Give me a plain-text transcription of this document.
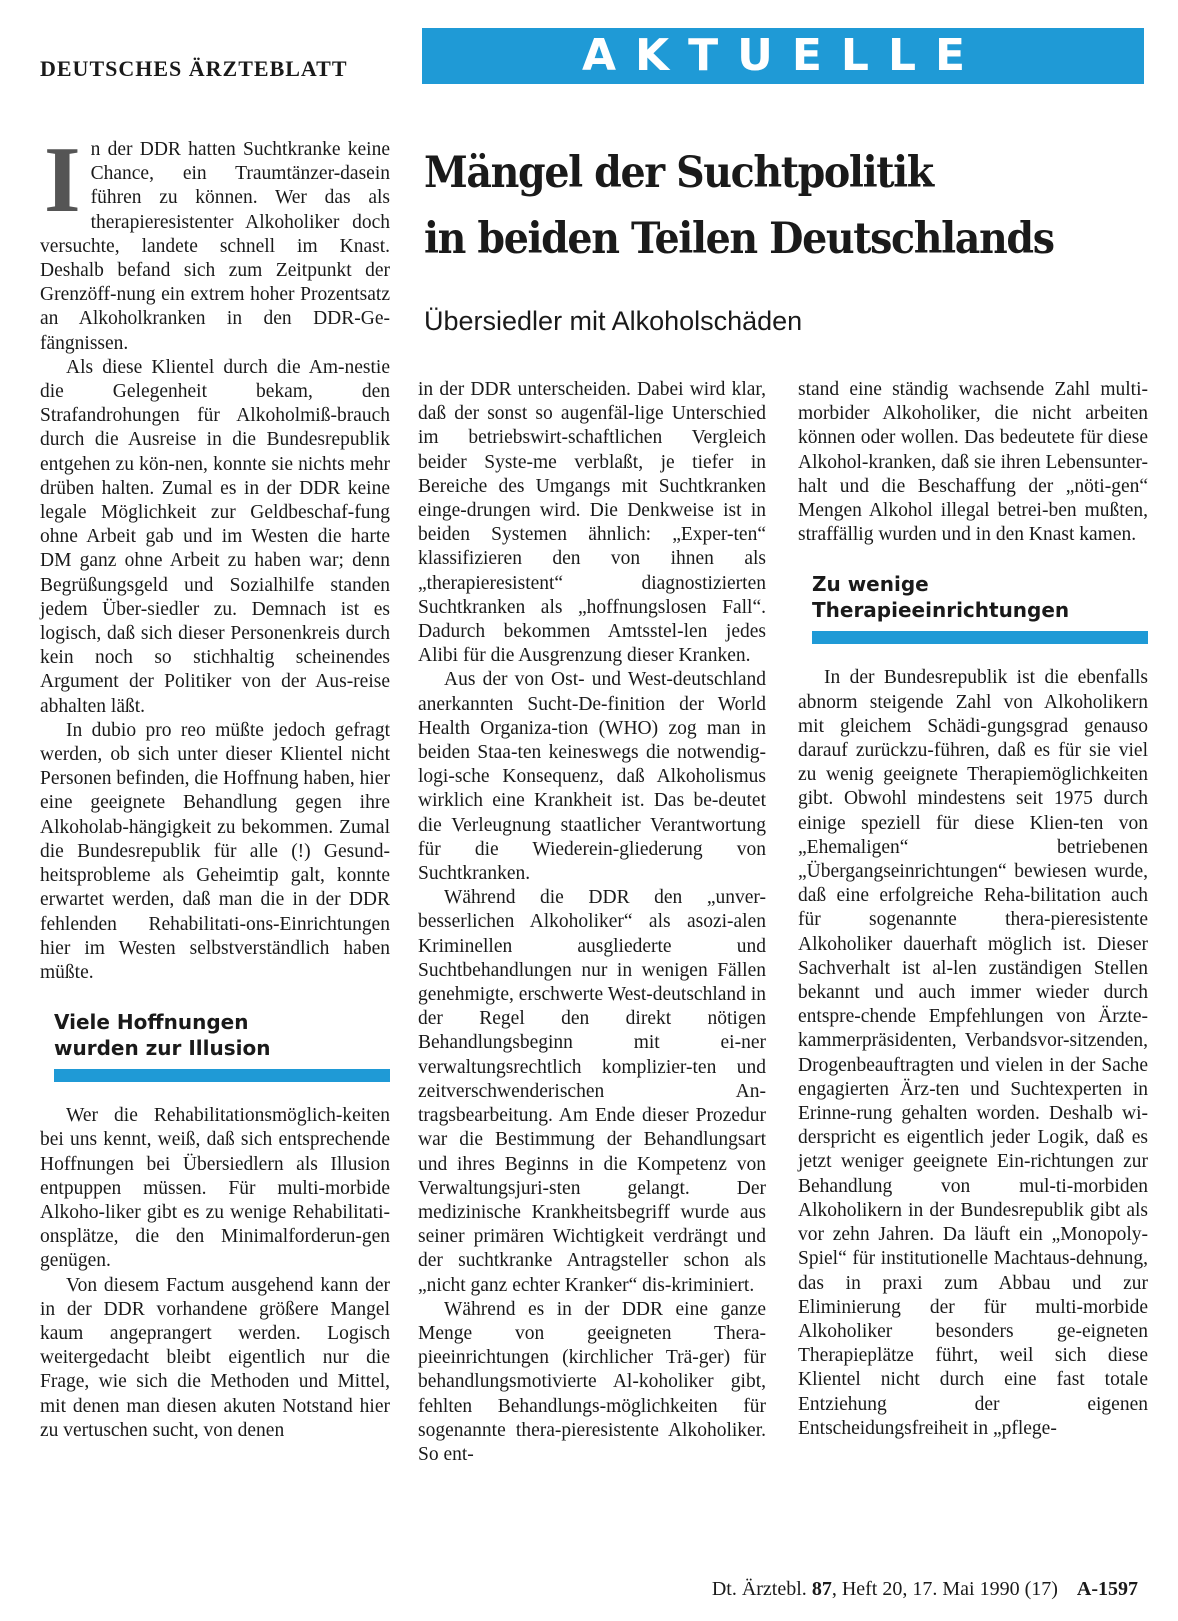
DEUTSCHES ÄRZTEBLATT	AKTUELLE POLITIK
Mängel der Suchtpolitik
in beiden Teilen Deutschlands
Übersiedler mit Alkoholschäden

In der DDR hatten Suchtkranke keine Chance, ein Traumtänzer-dasein führen zu können. Wer das als therapieresistenter Alkoholiker doch versuchte, landete schnell im Knast. Deshalb befand sich zum Zeitpunkt der Grenzöff-nung ein extrem hoher Prozentsatz an Alkoholkranken in den DDR-Ge-fängnissen.

Als diese Klientel durch die Am-nestie die Gelegenheit bekam, den Strafandrohungen für Alkoholmiß-brauch durch die Ausreise in die Bundesrepublik entgehen zu kön-nen, konnte sie nichts mehr drüben halten. Zumal es in der DDR keine legale Möglichkeit zur Geldbeschaf-fung ohne Arbeit gab und im Westen die harte DM ganz ohne Arbeit zu haben war; denn Begrüßungsgeld und Sozialhilfe standen jedem Über-siedler zu. Demnach ist es logisch, daß sich dieser Personenkreis durch kein noch so stichhaltig scheinendes Argument der Politiker von der Aus-reise abhalten läßt.

In dubio pro reo müßte jedoch gefragt werden, ob sich unter dieser Klientel nicht Personen befinden, die Hoffnung haben, hier eine geeignete Behandlung gegen ihre Alkoholab-hängigkeit zu bekommen. Zumal die Bundesrepublik für alle (!) Gesund-heitsprobleme als Geheimtip galt, konnte erwartet werden, daß man die in der DDR fehlenden Rehabilitati-ons-Einrichtungen hier im Westen selbstverständlich haben müßte.

Viele Hoffnungen
wurden zur Illusion

Wer die Rehabilitationsmöglich-keiten bei uns kennt, weiß, daß sich entsprechende Hoffnungen bei Übersiedlern als Illusion entpuppen müssen. Für multi-morbide Alkoho-liker gibt es zu wenige Rehabilitati-onsplätze, die den Minimalforderun-gen genügen.

Von diesem Factum ausgehend kann der in der DDR vorhandene größere Mangel kaum angeprangert werden. Logisch weitergedacht bleibt eigentlich nur die Frage, wie sich die Methoden und Mittel, mit denen man diesen akuten Notstand hier zu vertuschen sucht, von denen

in der DDR unterscheiden. Dabei wird klar, daß der sonst so augenfäl-lige Unterschied im betriebswirt-schaftlichen Vergleich beider Syste-me verblaßt, je tiefer in Bereiche des Umgangs mit Suchtkranken einge-drungen wird. Die Denkweise ist in beiden Systemen ähnlich: „Exper-ten“ klassifizieren den von ihnen als „therapieresistent“ diagnostizierten Suchtkranken als „hoffnungslosen Fall“. Dadurch bekommen Amtsstel-len jedes Alibi für die Ausgrenzung dieser Kranken.

Aus der von Ost- und West-deutschland anerkannten Sucht-De-finition der World Health Organiza-tion (WHO) zog man in beiden Staa-ten keineswegs die notwendig-logi-sche Konsequenz, daß Alkoholismus wirklich eine Krankheit ist. Das be-deutet die Verleugnung staatlicher Verantwortung für die Wiederein-gliederung von Suchtkranken.

Während die DDR den „unver-besserlichen Alkoholiker“ als asozi-alen Kriminellen ausgliederte und Suchtbehandlungen nur in wenigen Fällen genehmigte, erschwerte West-deutschland in der Regel den direkt nötigen Behandlungsbeginn mit ei-ner verwaltungsrechtlich komplizier-ten und zeitverschwenderischen An-tragsbearbeitung. Am Ende dieser Prozedur war die Bestimmung der Behandlungsart und ihres Beginns in die Kompetenz von Verwaltungsjuri-sten gelangt. Der medizinische Krankheitsbegriff wurde aus seiner primären Wichtigkeit verdrängt und der suchtkranke Antragsteller schon als „nicht ganz echter Kranker“ dis-kriminiert.

Während es in der DDR eine ganze Menge von geeigneten Thera-pieeinrichtungen (kirchlicher Trä-ger) für behandlungsmotivierte Al-koholiker gibt, fehlten Behandlungs-möglichkeiten für sogenannte thera-pieresistente Alkoholiker. So ent-

stand eine ständig wachsende Zahl multi-morbider Alkoholiker, die nicht arbeiten können oder wollen. Das bedeutete für diese Alkohol-kranken, daß sie ihren Lebensunter-halt und die Beschaffung der „nöti-gen“ Mengen Alkohol illegal betrei-ben mußten, straffällig wurden und in den Knast kamen.

Zu wenige
Therapieeinrichtungen

In der Bundesrepublik ist die ebenfalls abnorm steigende Zahl von Alkoholikern mit gleichem Schädi-gungsgrad genauso darauf zurückzu-führen, daß es für sie viel zu wenig geeignete Therapiemöglichkeiten gibt. Obwohl mindestens seit 1975 durch einige speziell für diese Klien-ten von „Ehemaligen“ betriebenen „Übergangseinrichtungen“ bewiesen wurde, daß eine erfolgreiche Reha-bilitation auch für sogenannte thera-pieresistente Alkoholiker dauerhaft möglich ist. Dieser Sachverhalt ist al-len zuständigen Stellen bekannt und auch immer wieder durch entspre-chende Empfehlungen von Ärzte-kammerpräsidenten, Verbandsvor-sitzenden, Drogenbeauftragten und vielen in der Sache engagierten Ärz-ten und Suchtexperten in Erinne-rung gehalten worden. Deshalb wi-derspricht es eigentlich jeder Logik, daß es jetzt weniger geeignete Ein-richtungen zur Behandlung von mul-ti-morbiden Alkoholikern in der Bundesrepublik gibt als vor zehn Jahren. Da läuft ein „Monopoly-Spiel“ für institutionelle Machtaus-dehnung, das in praxi zum Abbau und zur Eliminierung der für multi-morbide Alkoholiker besonders ge-eigneten Therapieplätze führt, weil sich diese Klientel nicht durch eine fast totale Entziehung der eigenen Entscheidungsfreiheit in „pflege-

Dt. Ärztebl. 87, Heft 20, 17. Mai 1990 (17) A-1597
